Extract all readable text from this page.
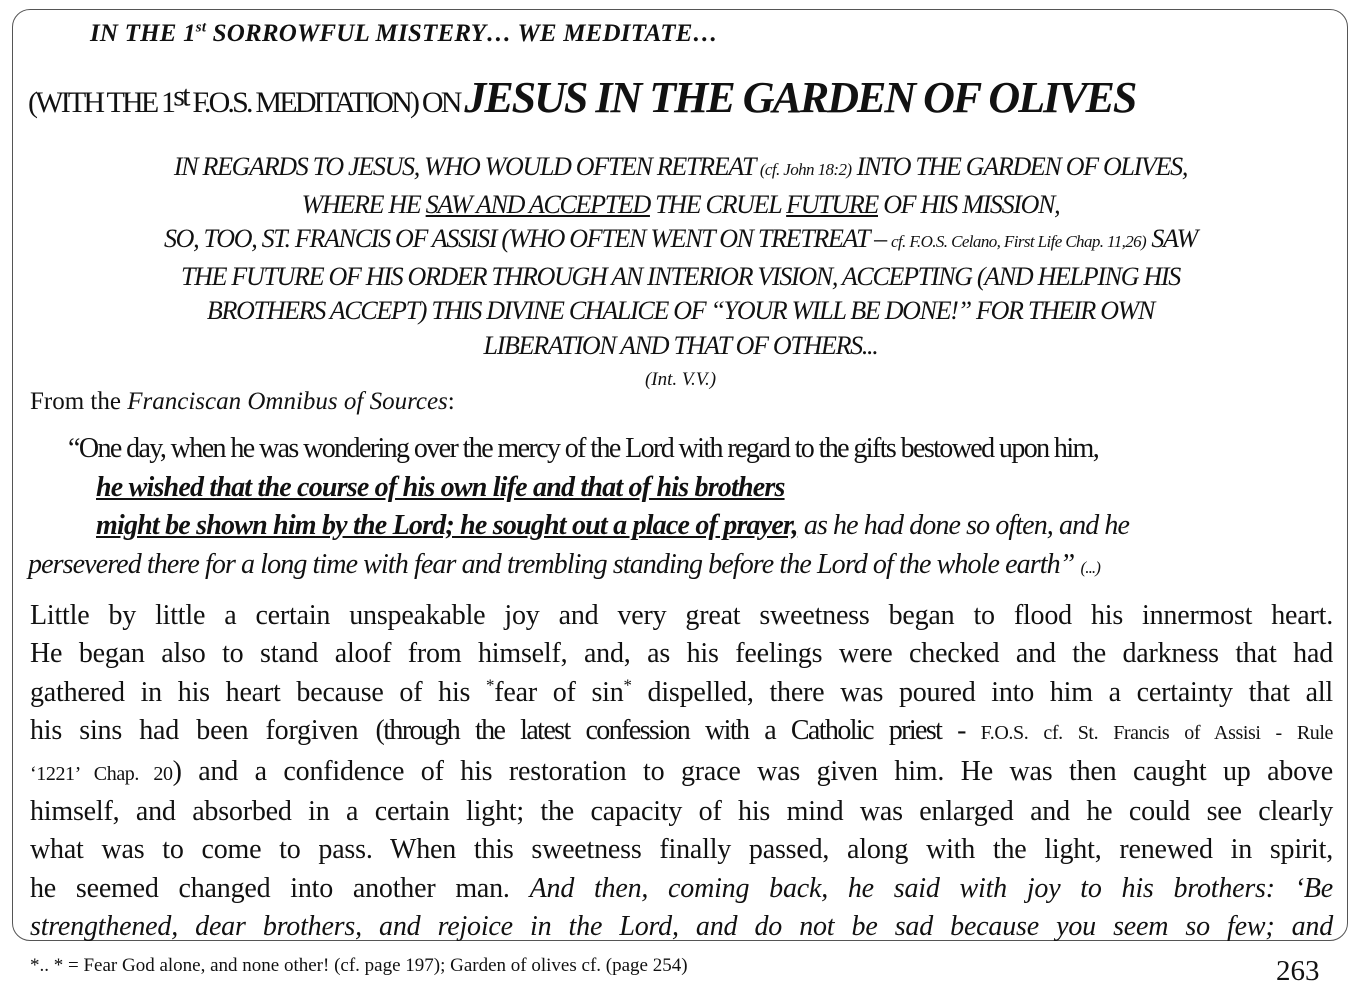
IN THE 1st SORROWFUL MISTERY… WE MEDITATE…
(WITH THE 1st F.O.S. MEDITATION) ON JESUS IN THE GARDEN OF OLIVES
IN REGARDS TO JESUS, WHO WOULD OFTEN RETREAT (cf. John 18:2) INTO THE GARDEN OF OLIVES,
WHERE HE SAW AND ACCEPTED THE CRUEL FUTURE OF HIS MISSION,
SO, TOO, ST. FRANCIS OF ASSISI (WHO OFTEN WENT ON TRETREAT – cf. F.O.S. Celano, First Life Chap. 11,26) SAW
THE FUTURE OF HIS ORDER THROUGH AN INTERIOR VISION, ACCEPTING (AND HELPING HIS
BROTHERS ACCEPT) THIS DIVINE CHALICE OF “YOUR WILL BE DONE!” FOR THEIR OWN
LIBERATION AND THAT OF OTHERS...
(Int. V.V.)
From the Franciscan Omnibus of Sources:
“One day, when he was wondering over the mercy of the Lord with regard to the gifts bestowed upon him,
he wished that the course of his own life and that of his brothers
might be shown him by the Lord; he sought out a place of prayer, as he had done so often, and he
persevered there for a long time with fear and trembling standing before the Lord of the whole earth” (...)
Little by little a certain unspeakable joy and very great sweetness began to flood his innermost heart.
He began also to stand aloof from himself, and, as his feelings were checked and the darkness that had
gathered in his heart because of his *fear of sin* dispelled, there was poured into him a certainty that all
his sins had been forgiven (through the latest confession with a Catholic priest - F.O.S. cf. St. Francis of Assisi - Rule
‘1221’ Chap. 20) and a confidence of his restoration to grace was given him. He was then caught up above
himself, and absorbed in a certain light; the capacity of his mind was enlarged and he could see clearly
what was to come to pass. When this sweetness finally passed, along with the light, renewed in spirit,
he seemed changed into another man. And then, coming back, he said with joy to his brothers: ‘Be
strengthened, dear brothers, and rejoice in the Lord, and do not be sad because you seem so few; and
*.. * = Fear God alone, and none other! (cf. page 197); Garden of olives cf. (page 254)	263
